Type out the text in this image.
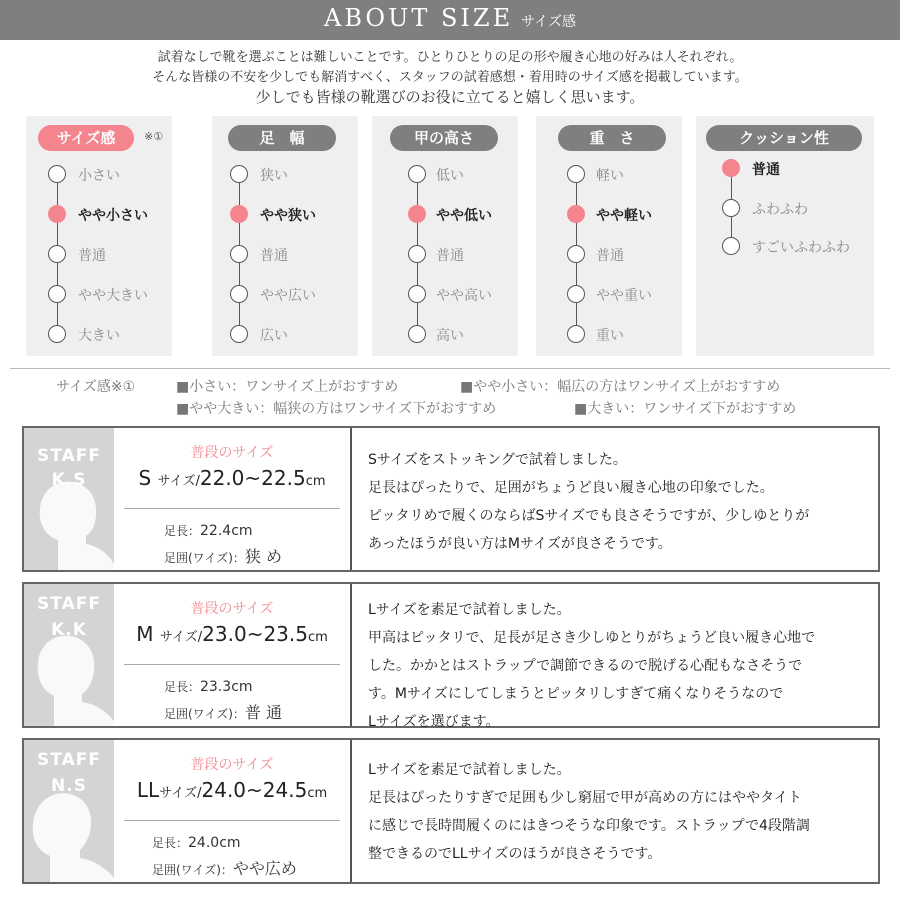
ABOUT SIZE サイズ感
試着なしで靴を選ぶことは難しいことです。ひとりひとりの足の形や履き心地の好みは人それぞれ。
そんな皆様の不安を少しでも解消すべく、スタッフの試着感想・着用時のサイズ感を掲載しています。
少しでも皆様の靴選びのお役に立てると嬉しく思います。
サイズ感	※①
小さい
やや小さい
普通
やや大きい
大きい
足　幅
狭い
やや狭い
普通
やや広い
広い
甲の高さ
低い
やや低い
普通
やや高い
高い
重　さ
軽い
やや軽い
普通
やや重い
重い
クッション性
普通
ふわふわ
すごいふわふわ
サイズ感※①	■小さい：ワンサイズ上がおすすめ	■やや小さい：幅広の方はワンサイズ上がおすすめ
■やや大きい：幅狭の方はワンサイズ下がおすすめ	■大きい：ワンサイズ下がおすすめ
STAFF
K.S
普段のサイズ
S サイズ/22.0~22.5cm
足長：22.4cm
足囲(ワイズ)：狭 め
Sサイズをストッキングで試着しました。
足長はぴったりで、足囲がちょうど良い履き心地の印象でした。
ピッタリめで履くのならばSサイズでも良さそうですが、少しゆとりが
あったほうが良い方はMサイズが良さそうです。
STAFF
K.K
普段のサイズ
M サイズ/23.0~23.5cm
足長：23.3cm
足囲(ワイズ)：普 通
Lサイズを素足で試着しました。
甲高はピッタリで、足長が足さき少しゆとりがちょうど良い履き心地で
した。かかとはストラップで調節できるので脱げる心配もなさそうで
す。Mサイズにしてしまうとピッタリしすぎて痛くなりそうなので
Lサイズを選びます。
STAFF
N.S
普段のサイズ
LLサイズ/24.0~24.5cm
足長：24.0cm
足囲(ワイズ)：やや広め
Lサイズを素足で試着しました。
足長はぴったりすぎで足囲も少し窮屈で甲が高めの方にはややタイト
に感じで長時間履くのにはきつそうな印象です。ストラップで4段階調
整できるのでLLサイズのほうが良さそうです。
